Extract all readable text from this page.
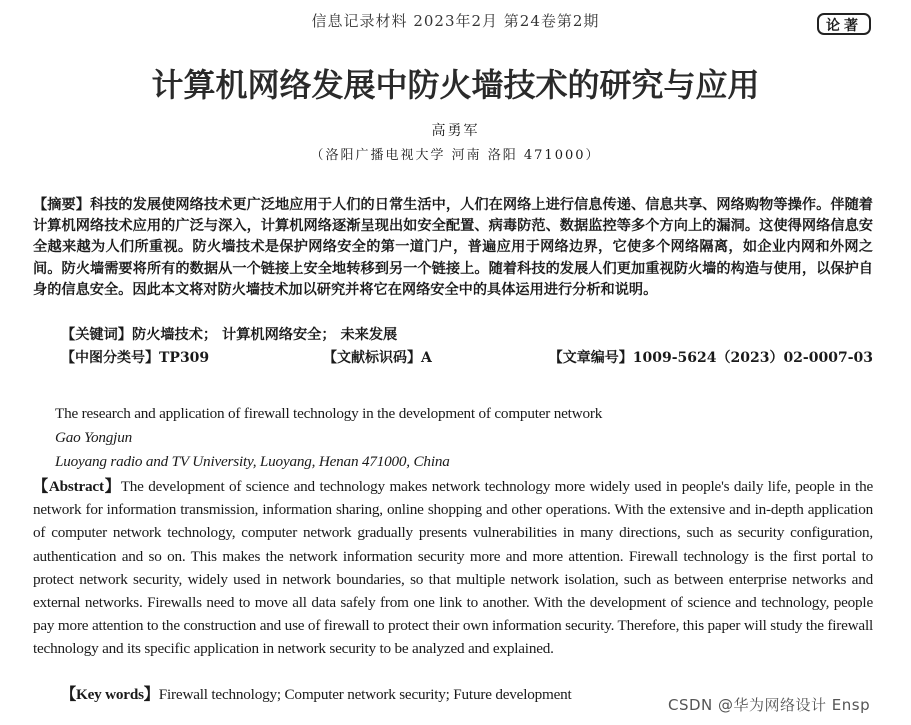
信息记录材料 2023年2月 第24卷第2期	论著
计算机网络发展中防火墙技术的研究与应用
高勇军
（洛阳广播电视大学 河南 洛阳 471000）
【摘要】科技的发展使网络技术更广泛地应用于人们的日常生活中，人们在网络上进行信息传递、信息共享、网络购物等操作。伴随着计算机网络技术应用的广泛与深入，计算机网络逐渐呈现出如安全配置、病毒防范、数据监控等多个方向上的漏洞。这使得网络信息安全越来越为人们所重视。防火墙技术是保护网络安全的第一道门户，普遍应用于网络边界，它使多个网络隔离，如企业内网和外网之间。防火墙需要将所有的数据从一个链接上安全地转移到另一个链接上。随着科技的发展人们更加重视防火墙的构造与使用，以保护自身的信息安全。因此本文将对防火墙技术加以研究并将它在网络安全中的具体运用进行分析和说明。
【关键词】防火墙技术； 计算机网络安全； 未来发展
【中图分类号】TP309	【文献标识码】A	【文章编号】1009-5624（2023）02-0007-03
The research and application of firewall technology in the development of computer network
Gao Yongjun
Luoyang radio and TV University, Luoyang, Henan 471000, China
【Abstract】The development of science and technology makes network technology more widely used in people's daily life, people in the network for information transmission, information sharing, online shopping and other operations. With the extensive and in-depth application of computer network technology, computer network gradually presents vulnerabilities in many directions, such as security configuration, authentication and so on. This makes the network information security more and more attention. Firewall technology is the first portal to protect network security, widely used in network boundaries, so that multiple network isolation, such as between enterprise networks and external networks. Firewalls need to move all data safely from one link to another. With the development of science and technology, people pay more attention to the construction and use of firewall to protect their own information security. Therefore, this paper will study the firewall technology and its specific application in network security to be analyzed and explained.
【Key words】Firewall technology; Computer network security; Future development
CSDN @华为网络设计 Ensp
